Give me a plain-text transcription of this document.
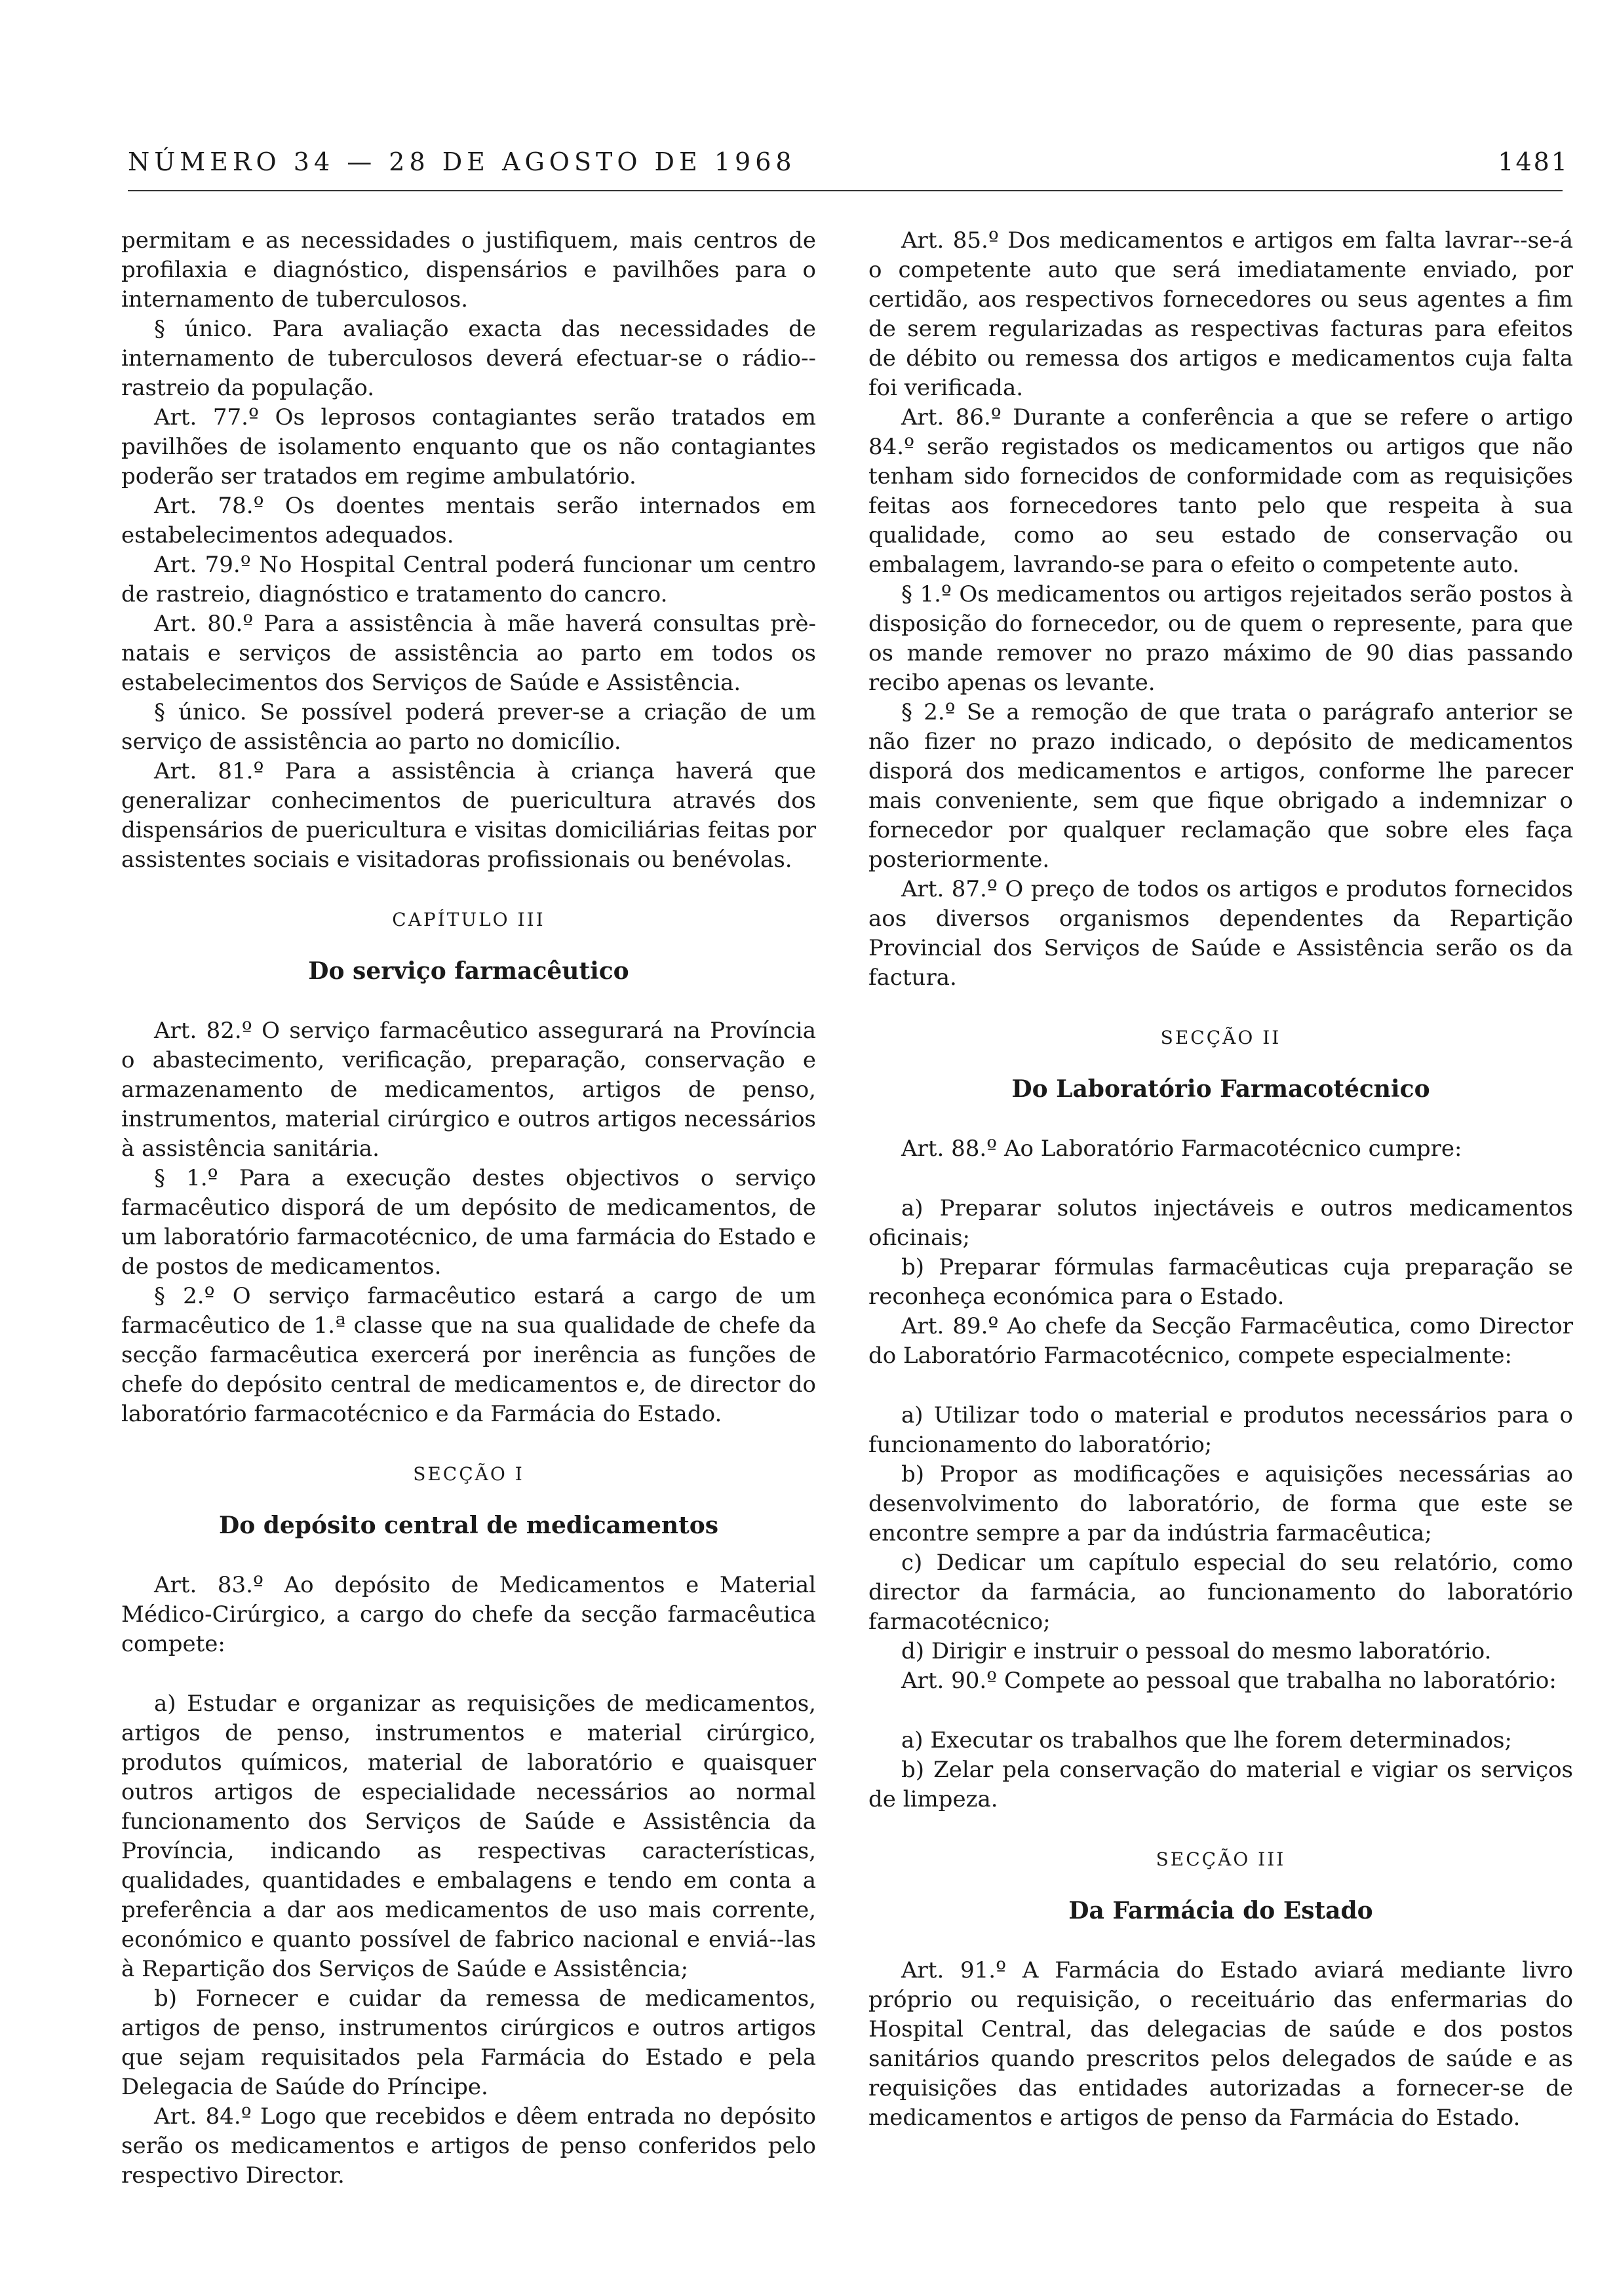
NÚMERO 34 — 28 DE AGOSTO DE 1968	1481

permitam e as necessidades o justifiquem, mais centros de profilaxia e diagnóstico, dispensários e pavilhões para o internamento de tuberculosos.

§ único. Para avaliação exacta das necessidades de internamento de tuberculosos deverá efectuar-se o rádio--rastreio da população.

Art. 77.º Os leprosos contagiantes serão tratados em pavilhões de isolamento enquanto que os não contagiantes poderão ser tratados em regime ambulatório.

Art. 78.º Os doentes mentais serão internados em estabelecimentos adequados.

Art. 79.º No Hospital Central poderá funcionar um centro de rastreio, diagnóstico e tratamento do cancro.

Art. 80.º Para a assistência à mãe haverá consultas prè-natais e serviços de assistência ao parto em todos os estabelecimentos dos Serviços de Saúde e Assistência.

§ único. Se possível poderá prever-se a criação de um serviço de assistência ao parto no domicílio.

Art. 81.º Para a assistência à criança haverá que generalizar conhecimentos de puericultura através dos dispensários de puericultura e visitas domiciliárias feitas por assistentes sociais e visitadoras profissionais ou benévolas.

CAPÍTULO III
Do serviço farmacêutico

Art. 82.º O serviço farmacêutico assegurará na Província o abastecimento, verificação, preparação, conservação e armazenamento de medicamentos, artigos de penso, instrumentos, material cirúrgico e outros artigos necessários à assistência sanitária.

§ 1.º Para a execução destes objectivos o serviço farmacêutico disporá de um depósito de medicamentos, de um laboratório farmacotécnico, de uma farmácia do Estado e de postos de medicamentos.

§ 2.º O serviço farmacêutico estará a cargo de um farmacêutico de 1.ª classe que na sua qualidade de chefe da secção farmacêutica exercerá por inerência as funções de chefe do depósito central de medicamentos e, de director do laboratório farmacotécnico e da Farmácia do Estado.

SECÇÃO I
Do depósito central de medicamentos

Art. 83.º Ao depósito de Medicamentos e Material Médico-Cirúrgico, a cargo do chefe da secção farmacêutica compete:

a) Estudar e organizar as requisições de medicamentos, artigos de penso, instrumentos e material cirúrgico, produtos químicos, material de laboratório e quaisquer outros artigos de especialidade necessários ao normal funcionamento dos Serviços de Saúde e Assistência da Província, indicando as respectivas características, qualidades, quantidades e embalagens e tendo em conta a preferência a dar aos medicamentos de uso mais corrente, económico e quanto possível de fabrico nacional e enviá--las à Repartição dos Serviços de Saúde e Assistência;

b) Fornecer e cuidar da remessa de medicamentos, artigos de penso, instrumentos cirúrgicos e outros artigos que sejam requisitados pela Farmácia do Estado e pela Delegacia de Saúde do Príncipe.

Art. 84.º Logo que recebidos e dêem entrada no depósito serão os medicamentos e artigos de penso conferidos pelo respectivo Director.

Art. 85.º Dos medicamentos e artigos em falta lavrar--se-á o competente auto que será imediatamente enviado, por certidão, aos respectivos fornecedores ou seus agentes a fim de serem regularizadas as respectivas facturas para efeitos de débito ou remessa dos artigos e medicamentos cuja falta foi verificada.

Art. 86.º Durante a conferência a que se refere o artigo 84.º serão registados os medicamentos ou artigos que não tenham sido fornecidos de conformidade com as requisições feitas aos fornecedores tanto pelo que respeita à sua qualidade, como ao seu estado de conservação ou embalagem, lavrando-se para o efeito o competente auto.

§ 1.º Os medicamentos ou artigos rejeitados serão postos à disposição do fornecedor, ou de quem o represente, para que os mande remover no prazo máximo de 90 dias passando recibo apenas os levante.

§ 2.º Se a remoção de que trata o parágrafo anterior se não fizer no prazo indicado, o depósito de medicamentos disporá dos medicamentos e artigos, conforme lhe parecer mais conveniente, sem que fique obrigado a indemnizar o fornecedor por qualquer reclamação que sobre eles faça posteriormente.

Art. 87.º O preço de todos os artigos e produtos fornecidos aos diversos organismos dependentes da Repartição Provincial dos Serviços de Saúde e Assistência serão os da factura.

SECÇÃO II
Do Laboratório Farmacotécnico

Art. 88.º Ao Laboratório Farmacotécnico cumpre:

a) Preparar solutos injectáveis e outros medicamentos oficinais;

b) Preparar fórmulas farmacêuticas cuja preparação se reconheça económica para o Estado.

Art. 89.º Ao chefe da Secção Farmacêutica, como Director do Laboratório Farmacotécnico, compete especialmente:

a) Utilizar todo o material e produtos necessários para o funcionamento do laboratório;

b) Propor as modificações e aquisições necessárias ao desenvolvimento do laboratório, de forma que este se encontre sempre a par da indústria farmacêutica;

c) Dedicar um capítulo especial do seu relatório, como director da farmácia, ao funcionamento do laboratório farmacotécnico;

d) Dirigir e instruir o pessoal do mesmo laboratório.

Art. 90.º Compete ao pessoal que trabalha no laboratório:

a) Executar os trabalhos que lhe forem determinados;

b) Zelar pela conservação do material e vigiar os serviços de limpeza.

SECÇÃO III
Da Farmácia do Estado

Art. 91.º A Farmácia do Estado aviará mediante livro próprio ou requisição, o receituário das enfermarias do Hospital Central, das delegacias de saúde e dos postos sanitários quando prescritos pelos delegados de saúde e as requisições das entidades autorizadas a fornecer-se de medicamentos e artigos de penso da Farmácia do Estado.
